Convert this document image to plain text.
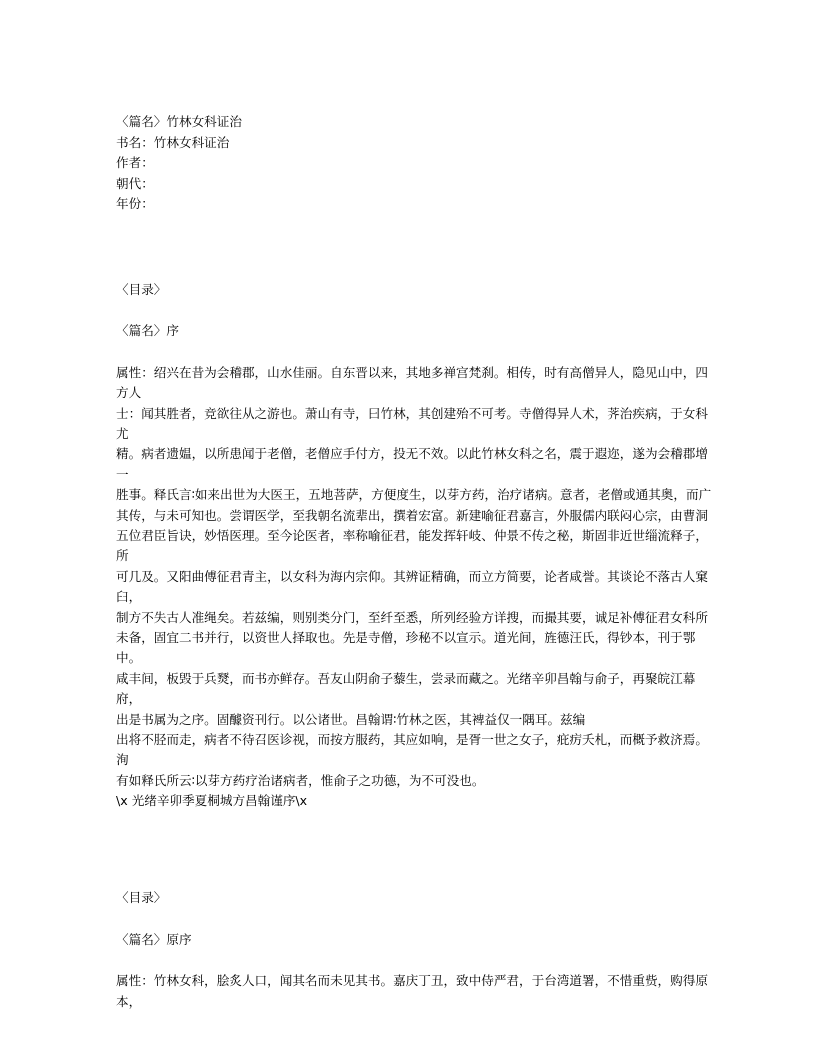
〈篇名〉竹林女科证治
书名：竹林女科证治
作者：
朝代：
年份：
〈目录〉
〈篇名〉序
属性：绍兴在昔为会稽郡，山水佳丽。自东晋以来，其地多禅宫梵刹。相传，时有高僧异人，隐见山中，四方人
士：闻其胜者，竞欲往从之游也。萧山有寺，曰竹林，其创建殆不可考。寺僧得异人术，荠治疾病，于女科尤
精。病者遗媪，以所患闻于老僧，老僧应手付方，投无不效。以此竹林女科之名，震于遐迩，遂为会稽郡增一
胜事。释氏言∶如来出世为大医王，五地菩萨，方便度生，以芽方药，治疗诸病。意者，老僧或通其奥，而广
其传，与未可知也。尝谓医学，至我朝名流辈出，撰着宏富。新建喻征君嘉言，外服儒内联闷心宗，由曹洞
五位君臣旨诀，妙悟医理。至今论医者，率称喻征君，能发挥轩岐、仲景不传之秘，斯固非近世缁流释子，所
可几及。又阳曲傅征君青主，以女科为海内宗仰。其辨证精确，而立方简要，论者咸誉。其谈论不落古人窠臼，
制方不失古人准绳矣。若兹编，则别类分门，至纤至悉，所列经验方详搜，而撮其要，诚足补傅征君女科所
未备，固宜二书并行，以资世人择取也。先是寺僧，珍秘不以宣示。道光间，旌德汪氏，得钞本，刊于鄂中。
咸丰间，板毁于兵燹，而书亦鲜存。吾友山阴俞子藜生，尝录而藏之。光绪辛卯昌翰与俞子，再聚皖江幕府，
出是书属为之序。固醵资刊行。以公诸世。昌翰谓∶竹林之医，其裨益仅一隅耳。兹编
出将不胫而走，病者不待召医诊视，而按方服药，其应如响，是胥一世之女子，疪疠夭札，而概予救济焉。洵
有如释氏所云∶以芽方药疗治诸病者，惟俞子之功德，为不可没也。
\x 光绪辛卯季夏桐城方昌翰谨序\x
〈目录〉
〈篇名〉原序
属性：竹林女科，脍炙人口，闻其名而未见其书。嘉庆丁丑，致中侍严君，于台湾道署，不惜重赀，购得原本，
